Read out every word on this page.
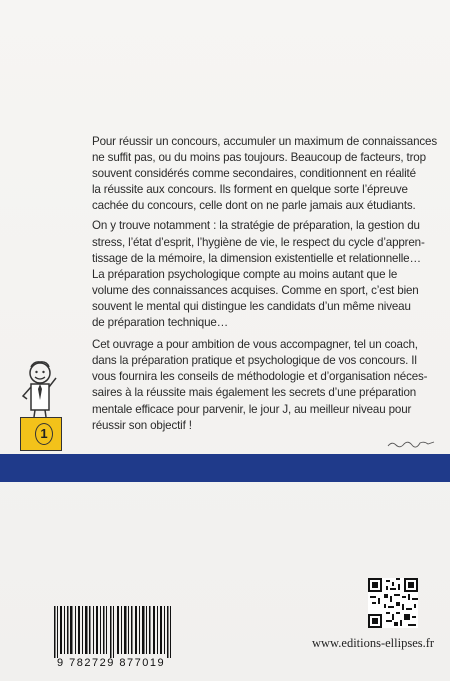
Pour réussir un concours, accumuler un maximum de connaissances
ne suffit pas, ou du moins pas toujours. Beaucoup de facteurs, trop
souvent considérés comme secondaires, conditionnent en réalité
la réussite aux concours. Ils forment en quelque sorte l’épreuve
cachée du concours, celle dont on ne parle jamais aux étudiants.

On y trouve notamment : la stratégie de préparation, la gestion du
stress, l’état d’esprit, l’hygiène de vie, le respect du cycle d’appren-
tissage de la mémoire, la dimension existentielle et relationnelle…
La préparation psychologique compte au moins autant que le
volume des connaissances acquises. Comme en sport, c’est bien
souvent le mental qui distingue les candidats d’un même niveau
de préparation technique…

Cet ouvrage a pour ambition de vous accompagner, tel un coach,
dans la préparation pratique et psychologique de vos concours. Il
vous fournira les conseils de méthodologie et d’organisation néces-
saires à la réussite mais également les secrets d’une préparation
mentale efficace pour parvenir, le jour J, au meilleur niveau pour
réussir son objectif !

1
9 782729 877019
www.editions-ellipses.fr
